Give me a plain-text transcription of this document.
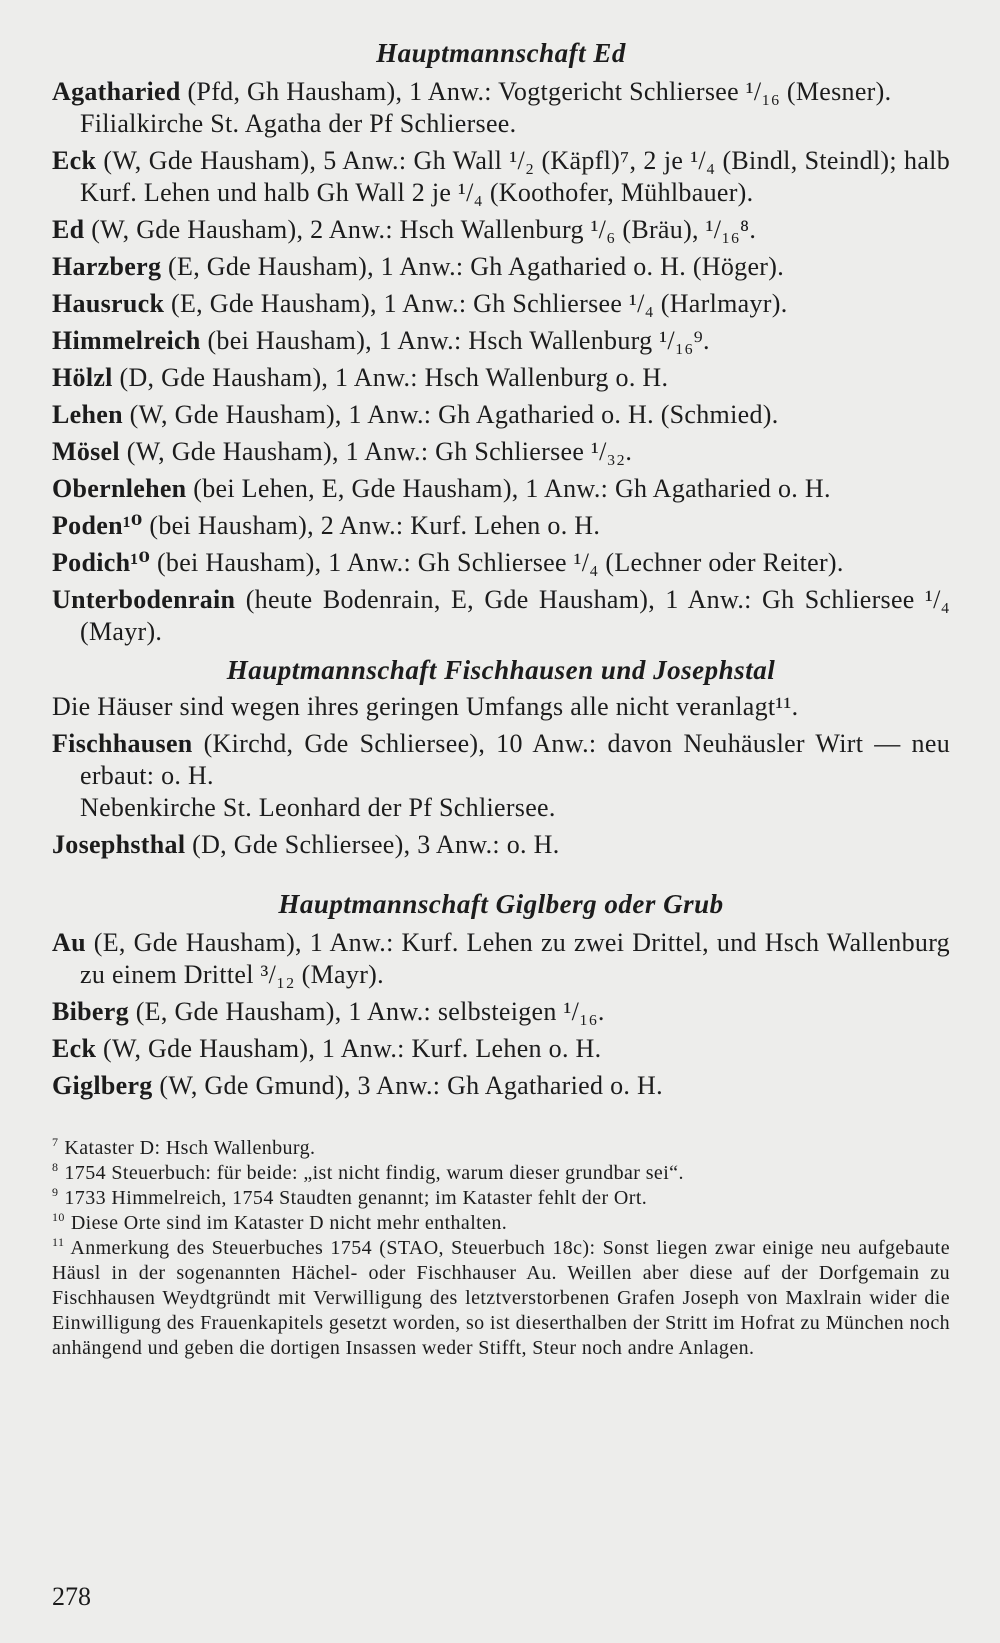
Hauptmannschaft Ed

Agatharied (Pfd, Gh Hausham), 1 Anw.: Vogtgericht Schliersee ¹/₁₆ (Mesner).
Filialkirche St. Agatha der Pf Schliersee.

Eck (W, Gde Hausham), 5 Anw.: Gh Wall ¹/₂ (Käpfl)⁷, 2 je ¹/₄ (Bindl, Steindl); halb Kurf. Lehen und halb Gh Wall 2 je ¹/₄ (Koothofer, Mühlbauer).

Ed (W, Gde Hausham), 2 Anw.: Hsch Wallenburg ¹/₆ (Bräu), ¹/₁₆⁸.

Harzberg (E, Gde Hausham), 1 Anw.: Gh Agatharied o. H. (Höger).

Hausruck (E, Gde Hausham), 1 Anw.: Gh Schliersee ¹/₄ (Harlmayr).

Himmelreich (bei Hausham), 1 Anw.: Hsch Wallenburg ¹/₁₆⁹.

Hölzl (D, Gde Hausham), 1 Anw.: Hsch Wallenburg o. H.

Lehen (W, Gde Hausham), 1 Anw.: Gh Agatharied o. H. (Schmied).

Mösel (W, Gde Hausham), 1 Anw.: Gh Schliersee ¹/₃₂.

Obernlehen (bei Lehen, E, Gde Hausham), 1 Anw.: Gh Agatharied o. H.

Poden¹⁰ (bei Hausham), 2 Anw.: Kurf. Lehen o. H.

Podich¹⁰ (bei Hausham), 1 Anw.: Gh Schliersee ¹/₄ (Lechner oder Reiter).

Unterbodenrain (heute Bodenrain, E, Gde Hausham), 1 Anw.: Gh Schliersee ¹/₄ (Mayr).

Hauptmannschaft Fischhausen und Josephstal

Die Häuser sind wegen ihres geringen Umfangs alle nicht veranlagt¹¹.

Fischhausen (Kirchd, Gde Schliersee), 10 Anw.: davon Neuhäusler Wirt — neu erbaut: o. H.
Nebenkirche St. Leonhard der Pf Schliersee.

Josephsthal (D, Gde Schliersee), 3 Anw.: o. H.

Hauptmannschaft Giglberg oder Grub

Au (E, Gde Hausham), 1 Anw.: Kurf. Lehen zu zwei Drittel, und Hsch Wallenburg zu einem Drittel ³/₁₂ (Mayr).

Biberg (E, Gde Hausham), 1 Anw.: selbsteigen ¹/₁₆.

Eck (W, Gde Hausham), 1 Anw.: Kurf. Lehen o. H.

Giglberg (W, Gde Gmund), 3 Anw.: Gh Agatharied o. H.

$^7$ Kataster D: Hsch Wallenburg.

$^8$ 1754 Steuerbuch: für beide: „ist nicht findig, warum dieser grundbar sei“.

$^9$ 1733 Himmelreich, 1754 Staudten genannt; im Kataster fehlt der Ort.

$^{10}$ Diese Orte sind im Kataster D nicht mehr enthalten.

$^{11}$ Anmerkung des Steuerbuches 1754 (STAO, Steuerbuch 18c): Sonst liegen zwar einige neu aufgebaute Häusl in der sogenannten Hächel- oder Fischhauser Au. Weillen aber diese auf der Dorfgemain zu Fischhausen Weydtgründt mit Verwilligung des letztverstorbenen Grafen Joseph von Maxlrain wider die Einwilligung des Frauenkapitels gesetzt worden, so ist dieserthalben der Stritt im Hofrat zu München noch anhängend und geben die dortigen Insassen weder Stifft, Steur noch andre Anlagen.

278
